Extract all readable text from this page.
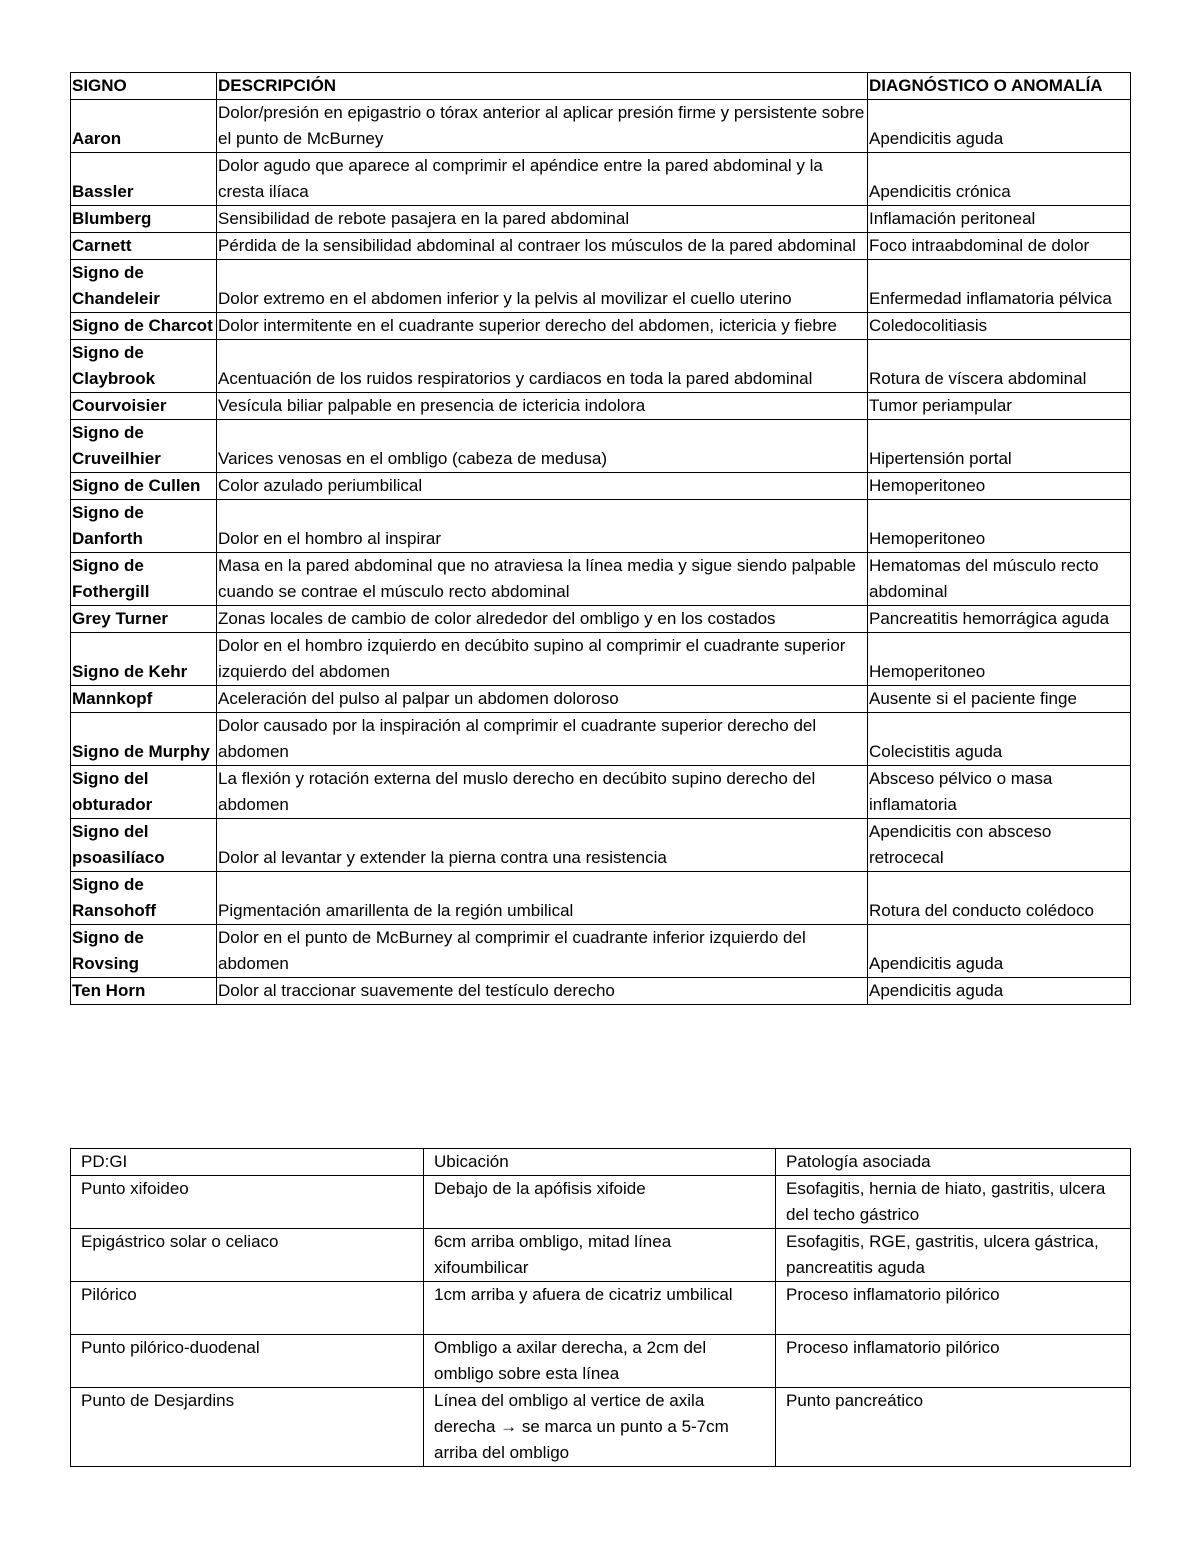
SIGNO	DESCRIPCIÓN	DIAGNÓSTICO O ANOMALÍA
Aaron	Dolor/presión en epigastrio o tórax anterior al aplicar presión firme y persistente sobre el punto de McBurney	Apendicitis aguda
Bassler	Dolor agudo que aparece al comprimir el apéndice entre la pared abdominal y la cresta ilíaca	Apendicitis crónica
Blumberg	Sensibilidad de rebote pasajera en la pared abdominal	Inflamación peritoneal
Carnett	Pérdida de la sensibilidad abdominal al contraer los músculos de la pared abdominal	Foco intraabdominal de dolor
Signo de Chandeleir	Dolor extremo en el abdomen inferior y la pelvis al movilizar el cuello uterino	Enfermedad inflamatoria pélvica
Signo de Charcot	Dolor intermitente en el cuadrante superior derecho del abdomen, ictericia y fiebre	Coledocolitiasis
Signo de Claybrook	Acentuación de los ruidos respiratorios y cardiacos en toda la pared abdominal	Rotura de víscera abdominal
Courvoisier	Vesícula biliar palpable en presencia de ictericia indolora	Tumor periampular
Signo de Cruveilhier	Varices venosas en el ombligo (cabeza de medusa)	Hipertensión portal
Signo de Cullen	Color azulado periumbilical	Hemoperitoneo
Signo de Danforth	Dolor en el hombro al inspirar	Hemoperitoneo
Signo de Fothergill	Masa en la pared abdominal que no atraviesa la línea media y sigue siendo palpable cuando se contrae el músculo recto abdominal	Hematomas del músculo recto abdominal
Grey Turner	Zonas locales de cambio de color alrededor del ombligo y en los costados	Pancreatitis hemorrágica aguda
Signo de Kehr	Dolor en el hombro izquierdo en decúbito supino al comprimir el cuadrante superior izquierdo del abdomen	Hemoperitoneo
Mannkopf	Aceleración del pulso al palpar un abdomen doloroso	Ausente si el paciente finge
Signo de Murphy	Dolor causado por la inspiración al comprimir el cuadrante superior derecho del abdomen	Colecistitis aguda
Signo del obturador	La flexión y rotación externa del muslo derecho en decúbito supino derecho del abdomen	Absceso pélvico o masa inflamatoria
Signo del psoasilíaco	Dolor al levantar y extender la pierna contra una resistencia	Apendicitis con absceso retrocecal
Signo de Ransohoff	Pigmentación amarillenta de la región umbilical	Rotura del conducto colédoco
Signo de Rovsing	Dolor en el punto de McBurney al comprimir el cuadrante inferior izquierdo del abdomen	Apendicitis aguda
Ten Horn	Dolor al traccionar suavemente del testículo derecho	Apendicitis aguda
PD:GI	Ubicación	Patología asociada
Punto xifoideo	Debajo de la apófisis xifoide	Esofagitis, hernia de hiato, gastritis, ulcera del techo gástrico
Epigástrico solar o celiaco	6cm arriba ombligo, mitad línea xifoumbilicar	Esofagitis, RGE, gastritis, ulcera gástrica, pancreatitis aguda
Pilórico	1cm arriba y afuera de cicatriz umbilical	Proceso inflamatorio pilórico
Punto pilórico-duodenal	Ombligo a axilar derecha, a 2cm del ombligo sobre esta línea	Proceso inflamatorio pilórico
Punto de Desjardins	Línea del ombligo al vertice de axila derecha → se marca un punto a 5-7cm arriba del ombligo	Punto pancreático
